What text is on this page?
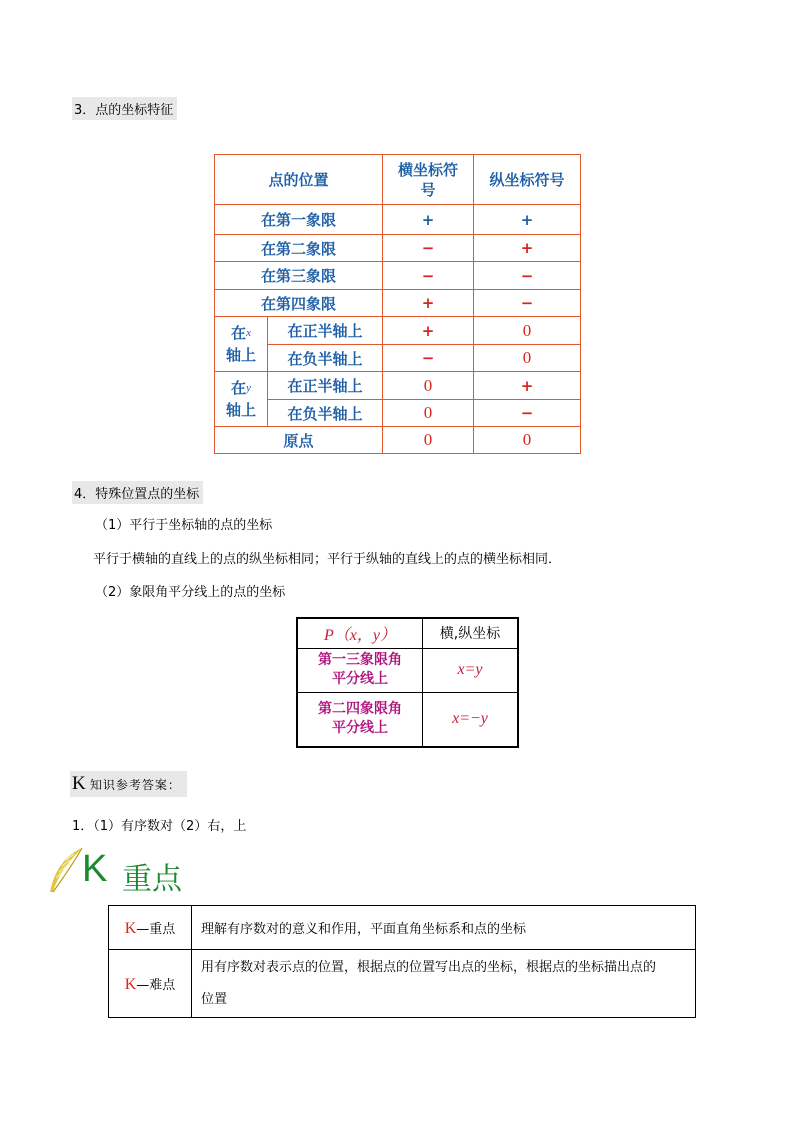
3．点的坐标特征
点的位置		横坐标符
号	纵坐标符号
在第一象限		+	+
在第二象限		−	+
在第三象限		−	−
在第四象限		+	−
在$^x$
轴上	在正半轴上	+	0
	在负半轴上	−	0
在$^y$
轴上	在正半轴上	0	+
	在负半轴上	0	−
原点		0	0
4．特殊位置点的坐标
（1）平行于坐标轴的点的坐标
平行于横轴的直线上的点的纵坐标相同；平行于纵轴的直线上的点的横坐标相同．
（2）象限角平分线上的点的坐标
P（x，y）	横,纵坐标
第一三象限角
平分线上	x=y
第二四象限角
平分线上	x=−y
K 知识参考答案：
1．（1）有序数对（2）右，上
K 重点
K—重点	理解有序数对的意义和作用，平面直角坐标系和点的坐标
K—难点	用有序数对表示点的位置，根据点的位置写出点的坐标，根据点的坐标描出点的
位置
